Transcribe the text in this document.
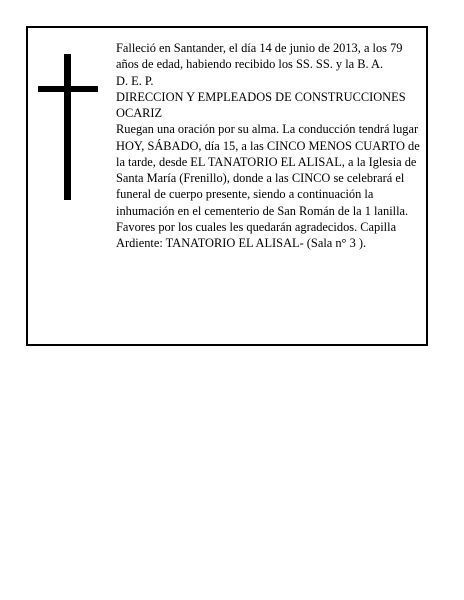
Falleció en Santander, el día 14 de junio de 2013, a los 79 años de edad, habiendo recibido los SS. SS. y la B. A.

D. E. P.

DIRECCION Y EMPLEADOS DE CONSTRUCCIONES OCARIZ

Ruegan una oración por su alma. La conducción tendrá lugar HOY, SÁBADO, día 15, a las CINCO MENOS CUARTO de la tarde, desde EL TANATORIO EL ALISAL, a la Iglesia de Santa María (Frenillo), donde a las CINCO se celebrará el funeral de cuerpo presente, siendo a continuación la inhumación en el cementerio de San Román de la 1 lanilla. Favores por los cuales les quedarán agradecidos. Capilla Ardiente: TANATORIO EL ALISAL- (Sala n° 3 ).
